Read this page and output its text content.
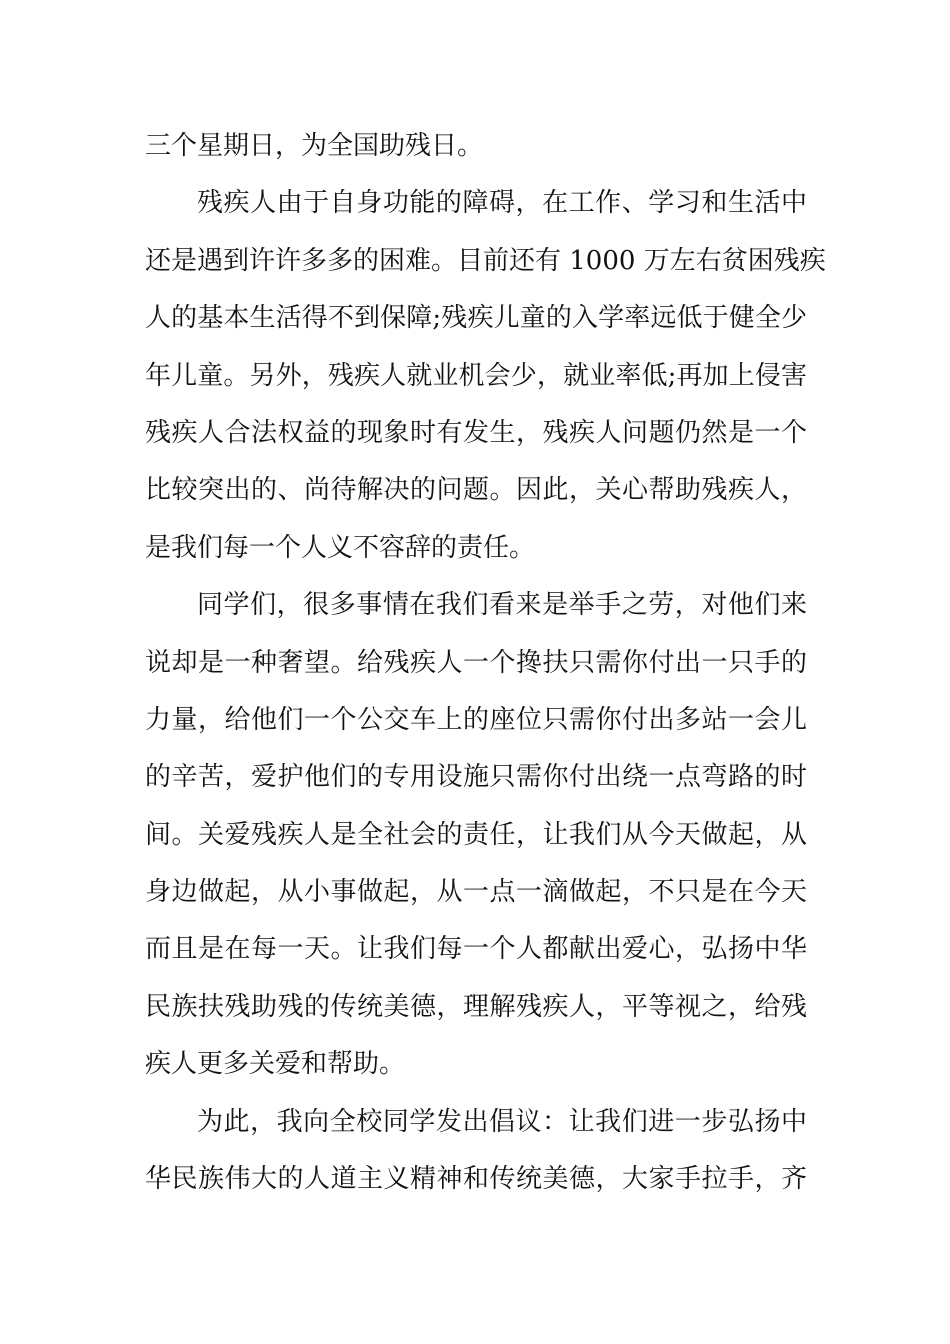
三个星期日，为全国助残日。
残疾人由于自身功能的障碍，在工作、学习和生活中
还是遇到许许多多的困难。目前还有 1000 万左右贫困残疾
人的基本生活得不到保障;残疾儿童的入学率远低于健全少
年儿童。另外，残疾人就业机会少，就业率低;再加上侵害
残疾人合法权益的现象时有发生，残疾人问题仍然是一个
比较突出的、尚待解决的问题。因此，关心帮助残疾人，
是我们每一个人义不容辞的责任。
同学们，很多事情在我们看来是举手之劳，对他们来
说却是一种奢望。给残疾人一个搀扶只需你付出一只手的
力量，给他们一个公交车上的座位只需你付出多站一会儿
的辛苦，爱护他们的专用设施只需你付出绕一点弯路的时
间。关爱残疾人是全社会的责任，让我们从今天做起，从
身边做起，从小事做起，从一点一滴做起，不只是在今天
而且是在每一天。让我们每一个人都献出爱心，弘扬中华
民族扶残助残的传统美德，理解残疾人，平等视之，给残
疾人更多关爱和帮助。
为此，我向全校同学发出倡议：让我们进一步弘扬中
华民族伟大的人道主义精神和传统美德，大家手拉手，齐
